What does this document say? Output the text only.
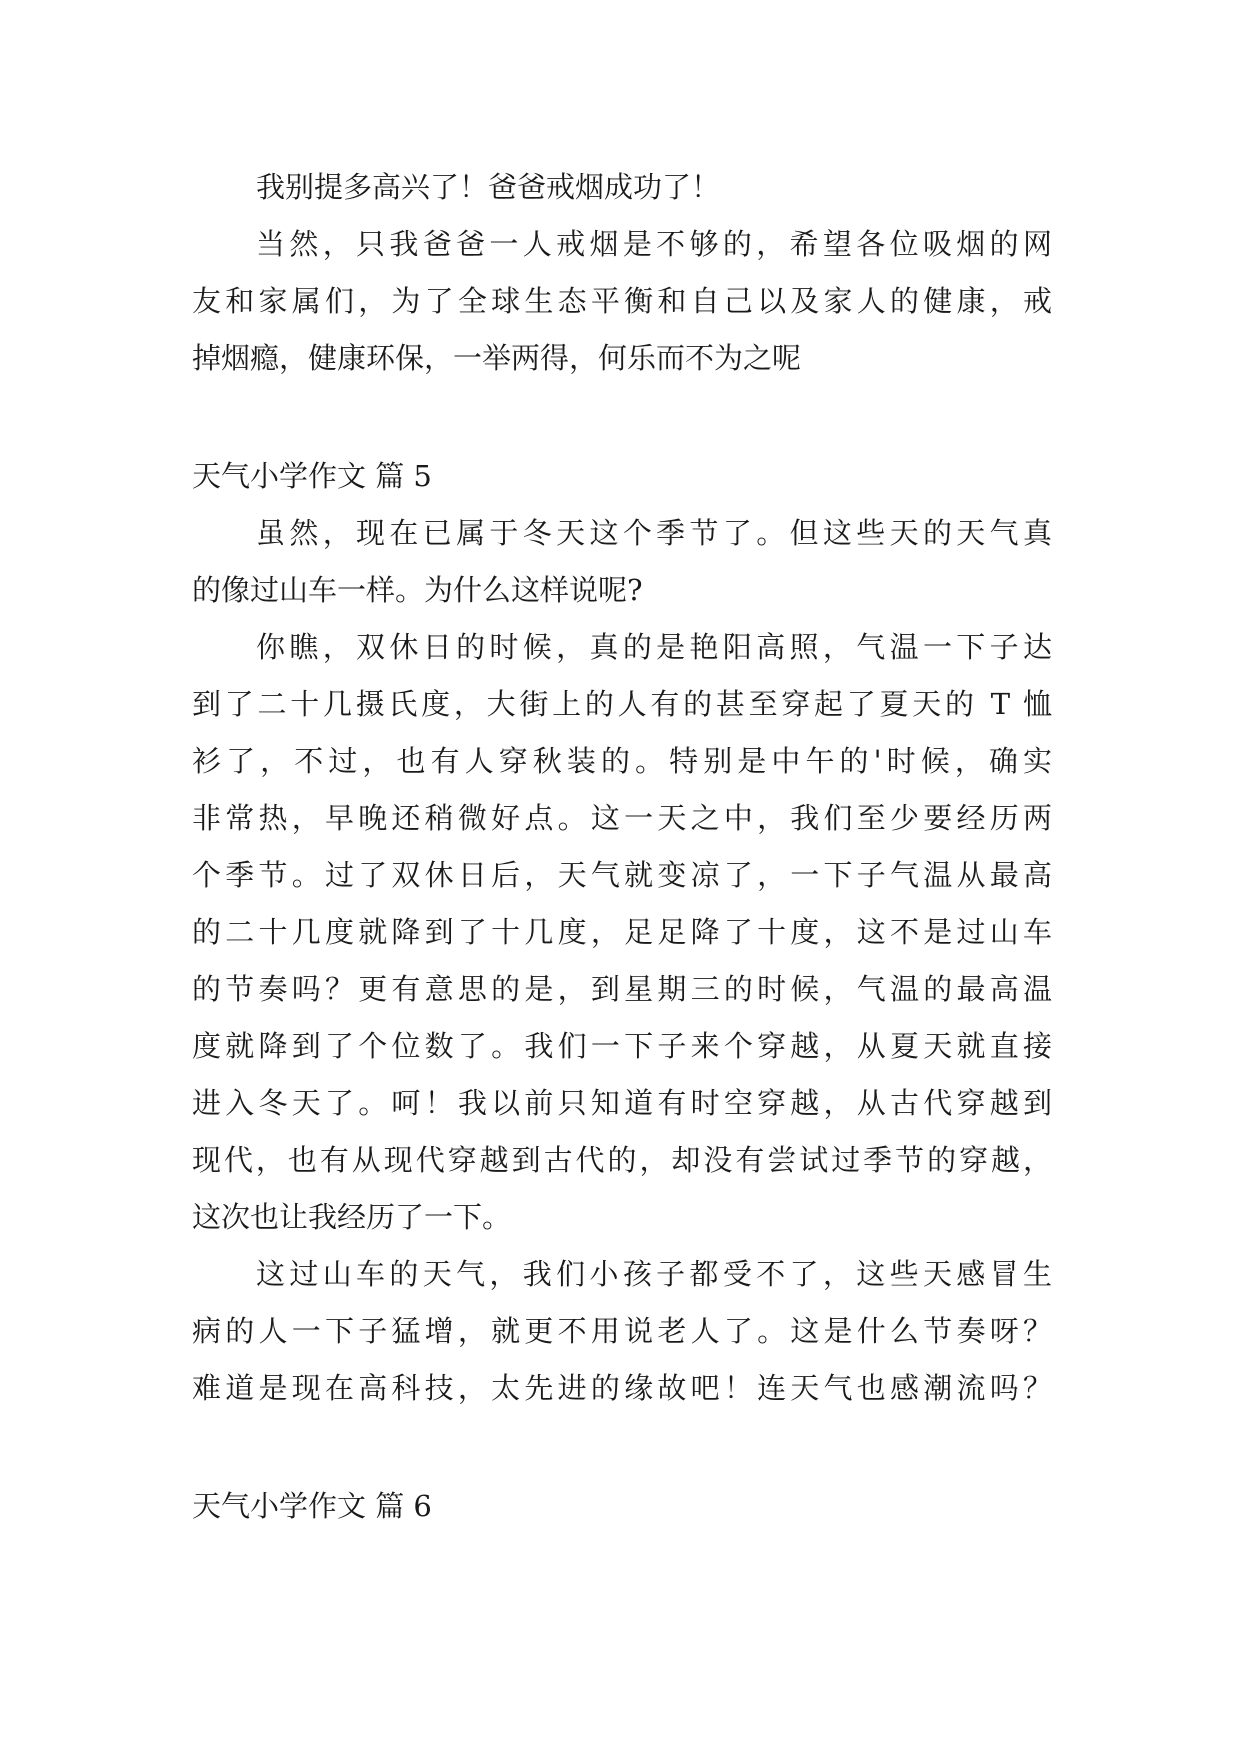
我别提多高兴了！爸爸戒烟成功了！
当然，只我爸爸一人戒烟是不够的，希望各位吸烟的网
友和家属们，为了全球生态平衡和自己以及家人的健康，戒
掉烟瘾，健康环保，一举两得，何乐而不为之呢
天气小学作文 篇 5
虽然，现在已属于冬天这个季节了。但这些天的天气真
的像过山车一样。为什么这样说呢?
你瞧，双休日的时候，真的是艳阳高照，气温一下子达
到了二十几摄氏度，大街上的人有的甚至穿起了夏天的 T 恤
衫了，不过，也有人穿秋装的。特别是中午的'时候，确实
非常热，早晚还稍微好点。这一天之中，我们至少要经历两
个季节。过了双休日后，天气就变凉了，一下子气温从最高
的二十几度就降到了十几度，足足降了十度，这不是过山车
的节奏吗？更有意思的是，到星期三的时候，气温的最高温
度就降到了个位数了。我们一下子来个穿越，从夏天就直接
进入冬天了。呵！我以前只知道有时空穿越，从古代穿越到
现代，也有从现代穿越到古代的，却没有尝试过季节的穿越，
这次也让我经历了一下。
这过山车的天气，我们小孩子都受不了，这些天感冒生
病的人一下子猛增，就更不用说老人了。这是什么节奏呀？
难道是现在高科技，太先进的缘故吧！连天气也感潮流吗？
天气小学作文 篇 6
